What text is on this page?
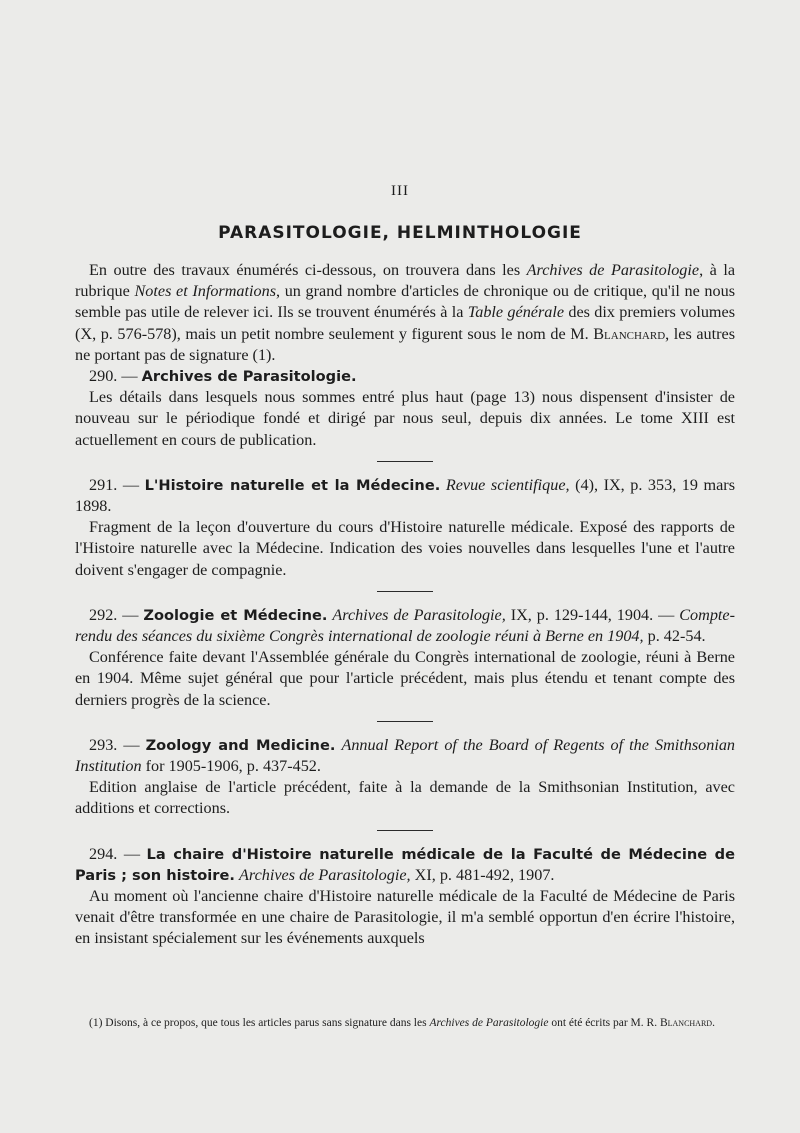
III
PARASITOLOGIE, HELMINTHOLOGIE

En outre des travaux énumérés ci-dessous, on trouvera dans les Archives de Parasitologie, à la rubrique Notes et Informations, un grand nombre d'articles de chronique ou de critique, qu'il ne nous semble pas utile de relever ici. Ils se trouvent énumérés à la Table générale des dix premiers volumes (X, p. 576-578), mais un petit nombre seulement y figurent sous le nom de M. Blanchard, les autres ne portant pas de signature (1).

290. — Archives de Parasitologie.

Les détails dans lesquels nous sommes entré plus haut (page 13) nous dispensent d'insister de nouveau sur le périodique fondé et dirigé par nous seul, depuis dix années. Le tome XIII est actuellement en cours de publication.

291. — L'Histoire naturelle et la Médecine. Revue scientifique, (4), IX, p. 353, 19 mars 1898.

Fragment de la leçon d'ouverture du cours d'Histoire naturelle médicale. Exposé des rapports de l'Histoire naturelle avec la Médecine. Indication des voies nouvelles dans lesquelles l'une et l'autre doivent s'engager de compagnie.

292. — Zoologie et Médecine. Archives de Parasitologie, IX, p. 129-144, 1904. — Compte-rendu des séances du sixième Congrès international de zoologie réuni à Berne en 1904, p. 42-54.

Conférence faite devant l'Assemblée générale du Congrès international de zoologie, réuni à Berne en 1904. Même sujet général que pour l'article précédent, mais plus étendu et tenant compte des derniers progrès de la science.

293. — Zoology and Medicine. Annual Report of the Board of Regents of the Smithsonian Institution for 1905-1906, p. 437-452.

Edition anglaise de l'article précédent, faite à la demande de la Smithsonian Institution, avec additions et corrections.

294. — La chaire d'Histoire naturelle médicale de la Faculté de Médecine de Paris ; son histoire. Archives de Parasitologie, XI, p. 481-492, 1907.

Au moment où l'ancienne chaire d'Histoire naturelle médicale de la Faculté de Médecine de Paris venait d'être transformée en une chaire de Parasitologie, il m'a semblé opportun d'en écrire l'histoire, en insistant spécialement sur les événements auxquels

(1) Disons, à ce propos, que tous les articles parus sans signature dans les Archives de Parasitologie ont été écrits par M. R. Blanchard.
